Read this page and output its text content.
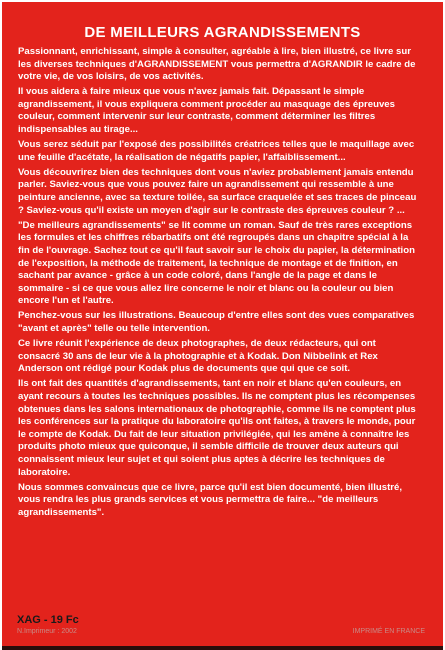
DE MEILLEURS AGRANDISSEMENTS

Passionnant, enrichissant, simple à consulter, agréable à lire, bien illustré, ce livre sur les diverses techniques d'AGRANDISSEMENT vous permettra d'AGRANDIR le cadre de votre vie, de vos loisirs, de vos activités.

Il vous aidera à faire mieux que vous n'avez jamais fait. Dépassant le simple agrandissement, il vous expliquera comment procéder au masquage des épreuves couleur, comment intervenir sur leur contraste, comment déterminer les filtres indispensables au tirage...

Vous serez séduit par l'exposé des possibilités créatrices telles que le maquillage avec une feuille d'acétate, la réalisation de négatifs papier, l'affaiblissement...

Vous découvrirez bien des techniques dont vous n'aviez probablement jamais entendu parler. Saviez-vous que vous pouvez faire un agrandissement qui ressemble à une peinture ancienne, avec sa texture toilée, sa surface craquelée et ses traces de pinceau ? Saviez-vous qu'il existe un moyen d'agir sur le contraste des épreuves couleur ? ...

"De meilleurs agrandissements" se lit comme un roman. Sauf de très rares exceptions les formules et les chiffres rébarbatifs ont été regroupés dans un chapitre spécial à la fin de l'ouvrage. Sachez tout ce qu'il faut savoir sur le choix du papier, la détermination de l'exposition, la méthode de traitement, la technique de montage et de finition, en sachant par avance - grâce à un code coloré, dans l'angle de la page et dans le sommaire - si ce que vous allez lire concerne le noir et blanc ou la couleur ou bien encore l'un et l'autre.

Penchez-vous sur les illustrations. Beaucoup d'entre elles sont des vues comparatives "avant et après" telle ou telle intervention.

Ce livre réunit l'expérience de deux photographes, de deux rédacteurs, qui ont consacré 30 ans de leur vie à la photographie et à Kodak. Don Nibbelink et Rex Anderson ont rédigé pour Kodak plus de documents que qui que ce soit.

Ils ont fait des quantités d'agrandissements, tant en noir et blanc qu'en couleurs, en ayant recours à toutes les techniques possibles. Ils ne comptent plus les récompenses obtenues dans les salons internationaux de photographie, comme ils ne comptent plus les conférences sur la pratique du laboratoire qu'ils ont faites, à travers le monde, pour le compte de Kodak. Du fait de leur situation privilégiée, qui les amène à connaître les produits photo mieux que quiconque, il semble difficile de trouver deux auteurs qui connaissent mieux leur sujet et qui soient plus aptes à décrire les techniques de laboratoire.

Nous sommes convaincus que ce livre, parce qu'il est bien documenté, bien illustré, vous rendra les plus grands services et vous permettra de faire... "de meilleurs agrandissements".

XAG - 19 Fc
N.Imprimeur : 2002	IMPRIMÉ EN FRANCE
